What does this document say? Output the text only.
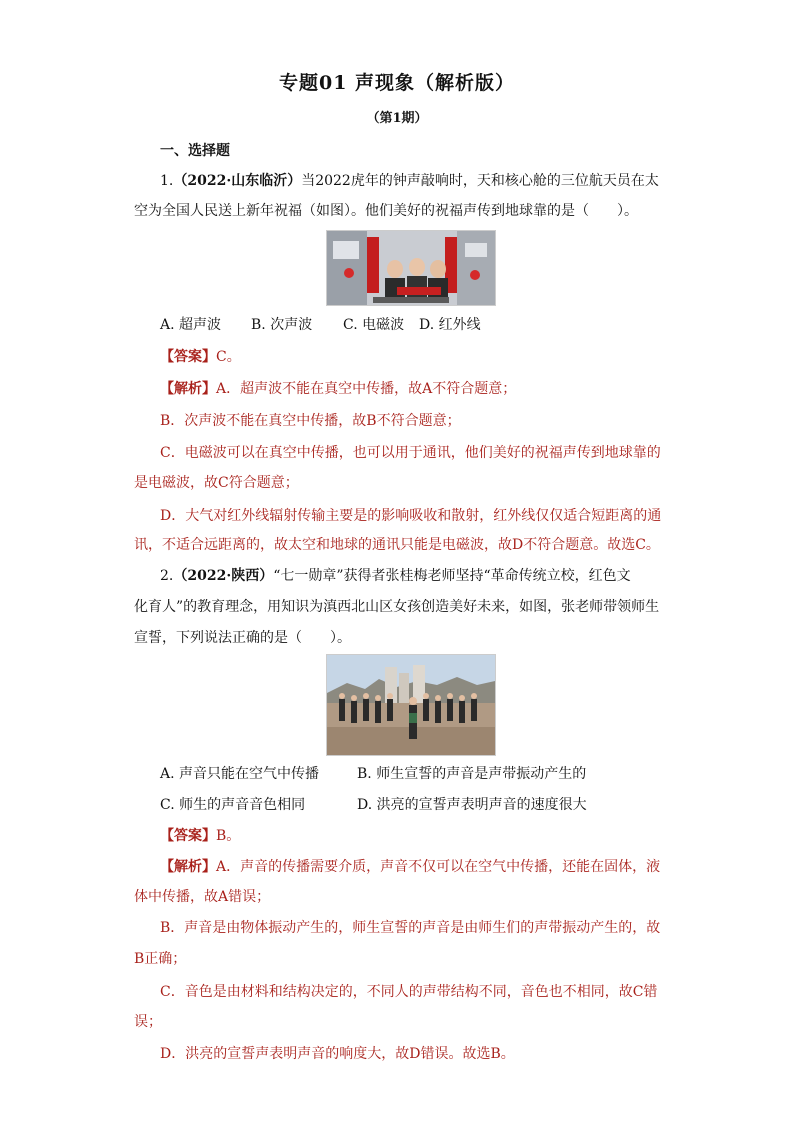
专题01 声现象（解析版）
（第1期）
一、选择题
1.（2022·山东临沂）当2022虎年的钟声敲响时，天和核心舱的三位航天员在太
空为全国人民送上新年祝福（如图）。他们美好的祝福声传到地球靠的是（　　）。
A. 超声波 B. 次声波 C. 电磁波 D. 红外线
【答案】C。
【解析】A．超声波不能在真空中传播，故A不符合题意；
B．次声波不能在真空中传播，故B不符合题意；
C．电磁波可以在真空中传播，也可以用于通讯，他们美好的祝福声传到地球靠的
是电磁波，故C符合题意；
D．大气对红外线辐射传输主要是的影响吸收和散射，红外线仅仅适合短距离的通
讯，不适合远距离的，故太空和地球的通讯只能是电磁波，故D不符合题意。故选C。
2.（2022·陕西）“七一勋章”获得者张桂梅老师坚持“革命传统立校，红色文
化育人”的教育理念，用知识为滇西北山区女孩创造美好未来，如图，张老师带领师生
宣誓，下列说法正确的是（　　）。
A. 声音只能在空气中传播	B. 师生宣誓的声音是声带振动产生的
C. 师生的声音音色相同	D. 洪亮的宣誓声表明声音的速度很大
【答案】B。
【解析】A．声音的传播需要介质，声音不仅可以在空气中传播，还能在固体，液
体中传播，故A错误；
B．声音是由物体振动产生的，师生宣誓的声音是由师生们的声带振动产生的，故
B正确；
C．音色是由材料和结构决定的，不同人的声带结构不同，音色也不相同，故C错
误；
D．洪亮的宣誓声表明声音的响度大，故D错误。故选B。
